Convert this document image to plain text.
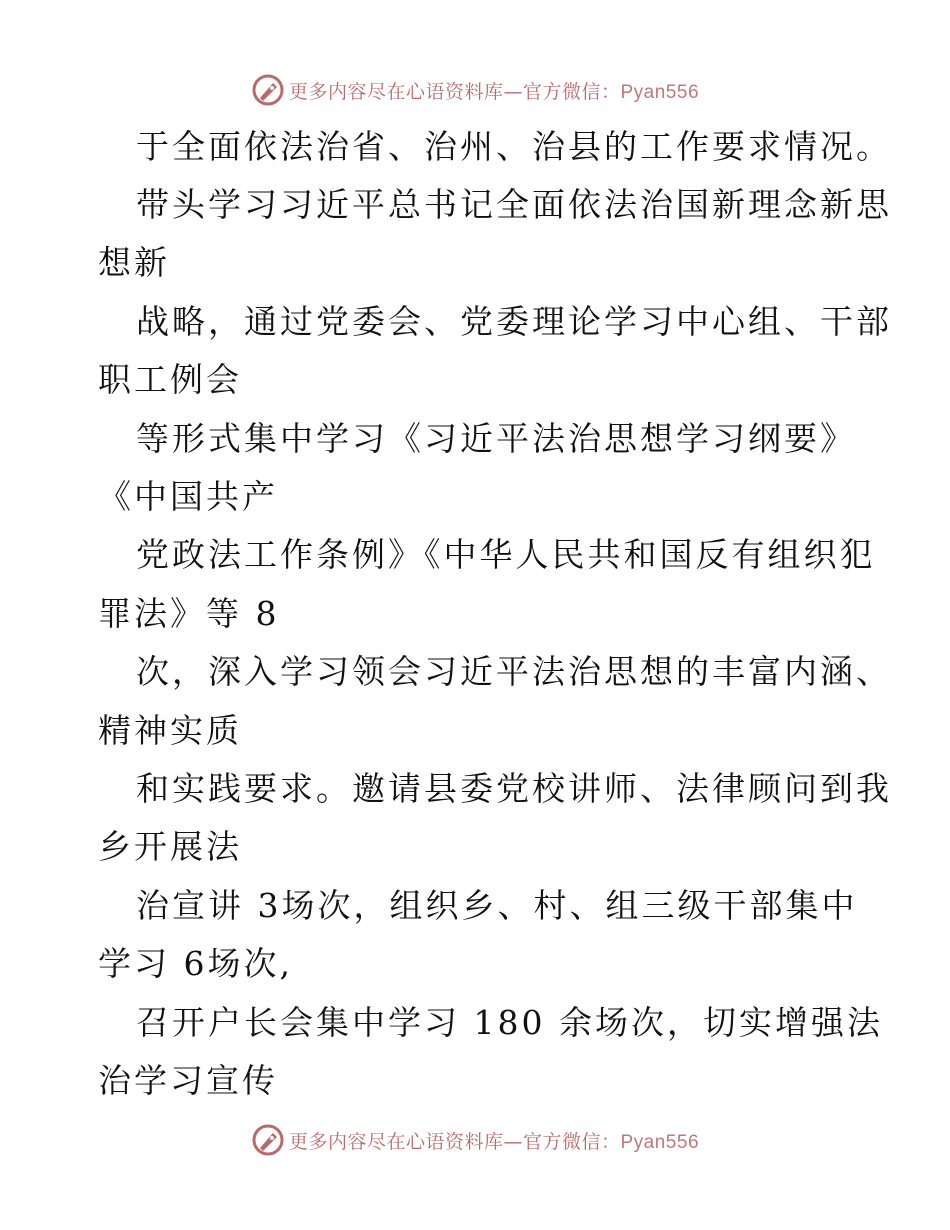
更多内容尽在心语资料库—官方微信：Pyan556
于全面依法治省、治州、治县的工作要求情况。
带头学习习近平总书记全面依法治国新理念新思
想新
战略，通过党委会、党委理论学习中心组、干部
职工例会
等形式集中学习《习近平法治思想学习纲要》
《中国共产
党政法工作条例》《中华人民共和国反有组织犯
罪法》等 8
次，深入学习领会习近平法治思想的丰富内涵、
精神实质
和实践要求。邀请县委党校讲师、法律顾问到我
乡开展法
治宣讲 3场次，组织乡、村、组三级干部集中
学习 6场次,
召开户长会集中学习 180 余场次，切实增强法
治学习宣传
更多内容尽在心语资料库—官方微信：Pyan556
